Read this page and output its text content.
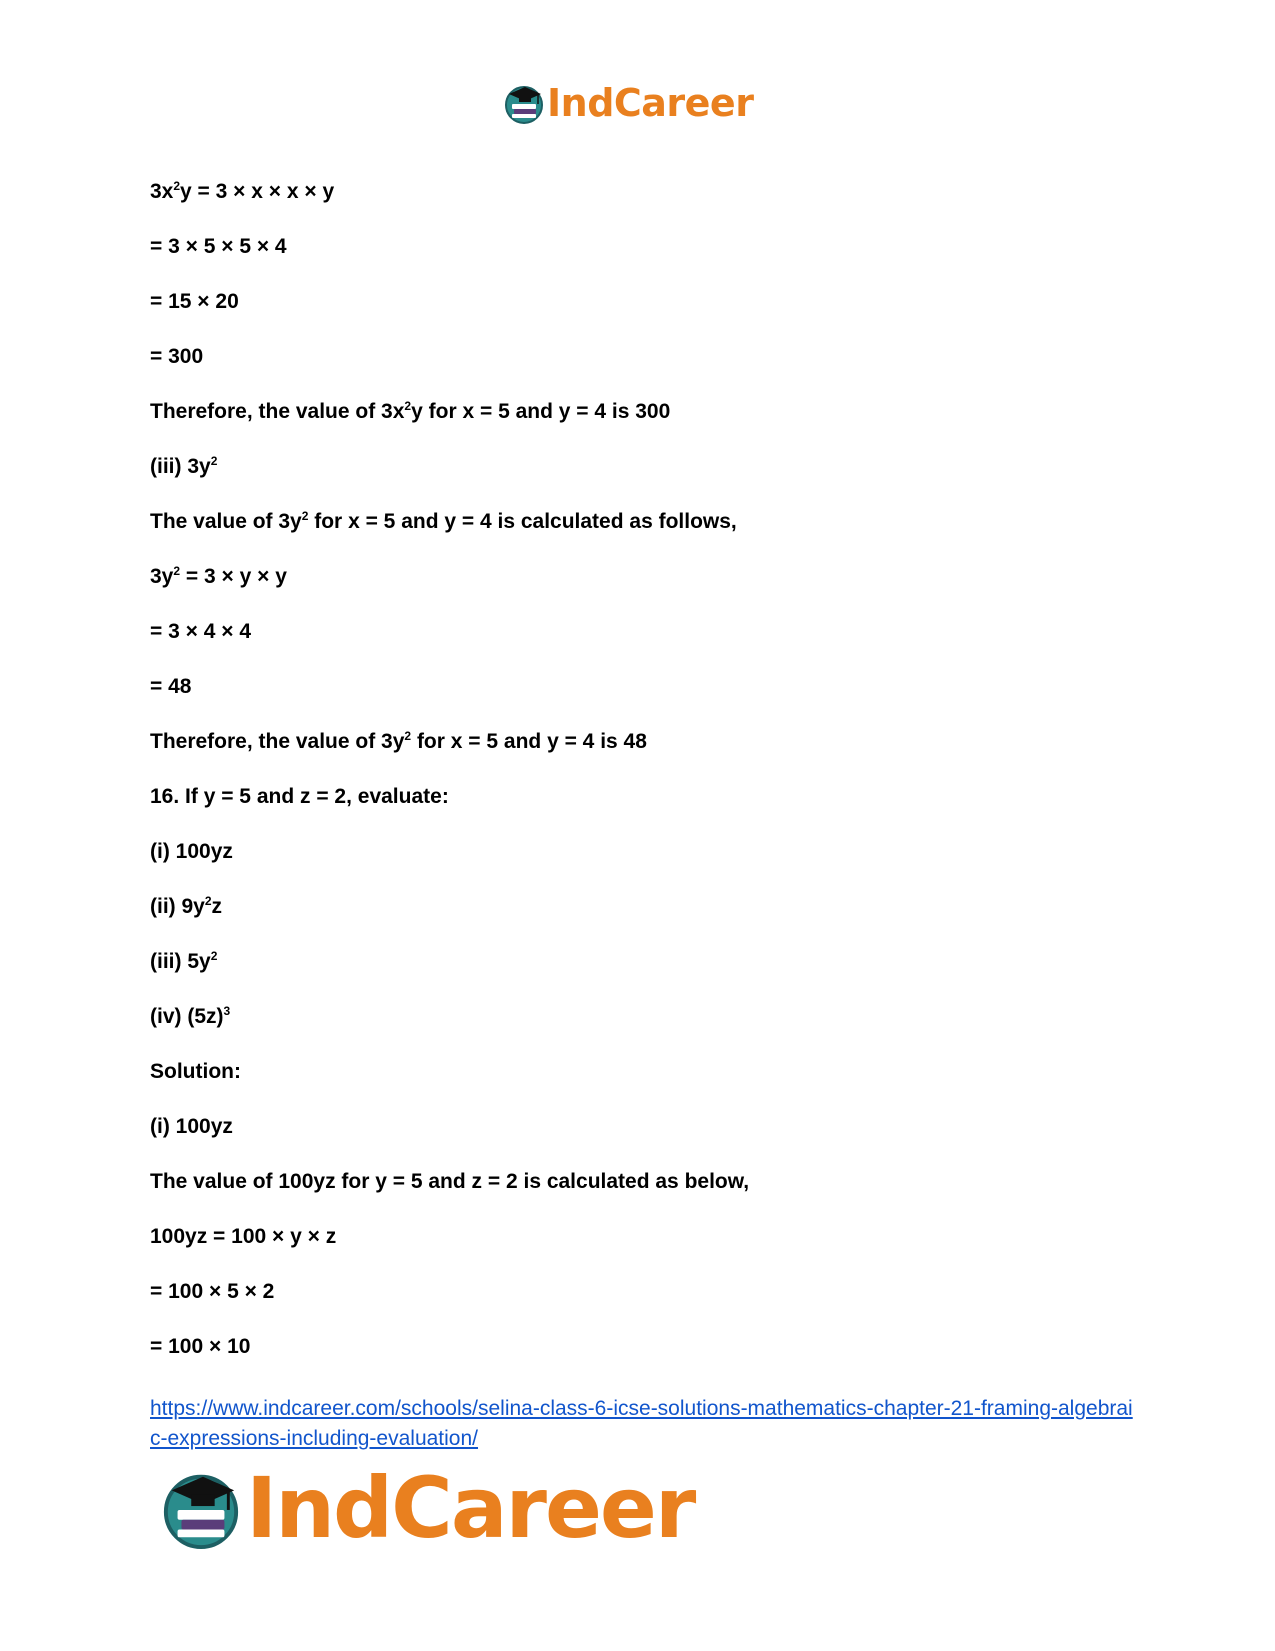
IndCareer
$3x^2y = 3 \times x \times x \times y$
= 3 × 5 × 5 × 4
= 15 × 20
= 300
Therefore, the value of $3x^2y$ for x = 5 and y = 4 is 300
(iii) $3y^2$
The value of $3y^2$ for x = 5 and y = 4 is calculated as follows,
$3y^2 = 3 \times y \times y$
= 3 × 4 × 4
= 48
Therefore, the value of $3y^2$ for x = 5 and y = 4 is 48
16. If y = 5 and z = 2, evaluate:
(i) 100yz
(ii) $9y^2z$
(iii) $5y^2$
(iv) $(5z)^3$
Solution:
(i) 100yz
The value of 100yz for y = 5 and z = 2 is calculated as below,
100yz = 100 × y × z
= 100 × 5 × 2
= 100 × 10
https://www.indcareer.com/schools/selina-class-6-icse-solutions-mathematics-chapter-21-framing-algebraic-expressions-including-evaluation/
IndCareer
